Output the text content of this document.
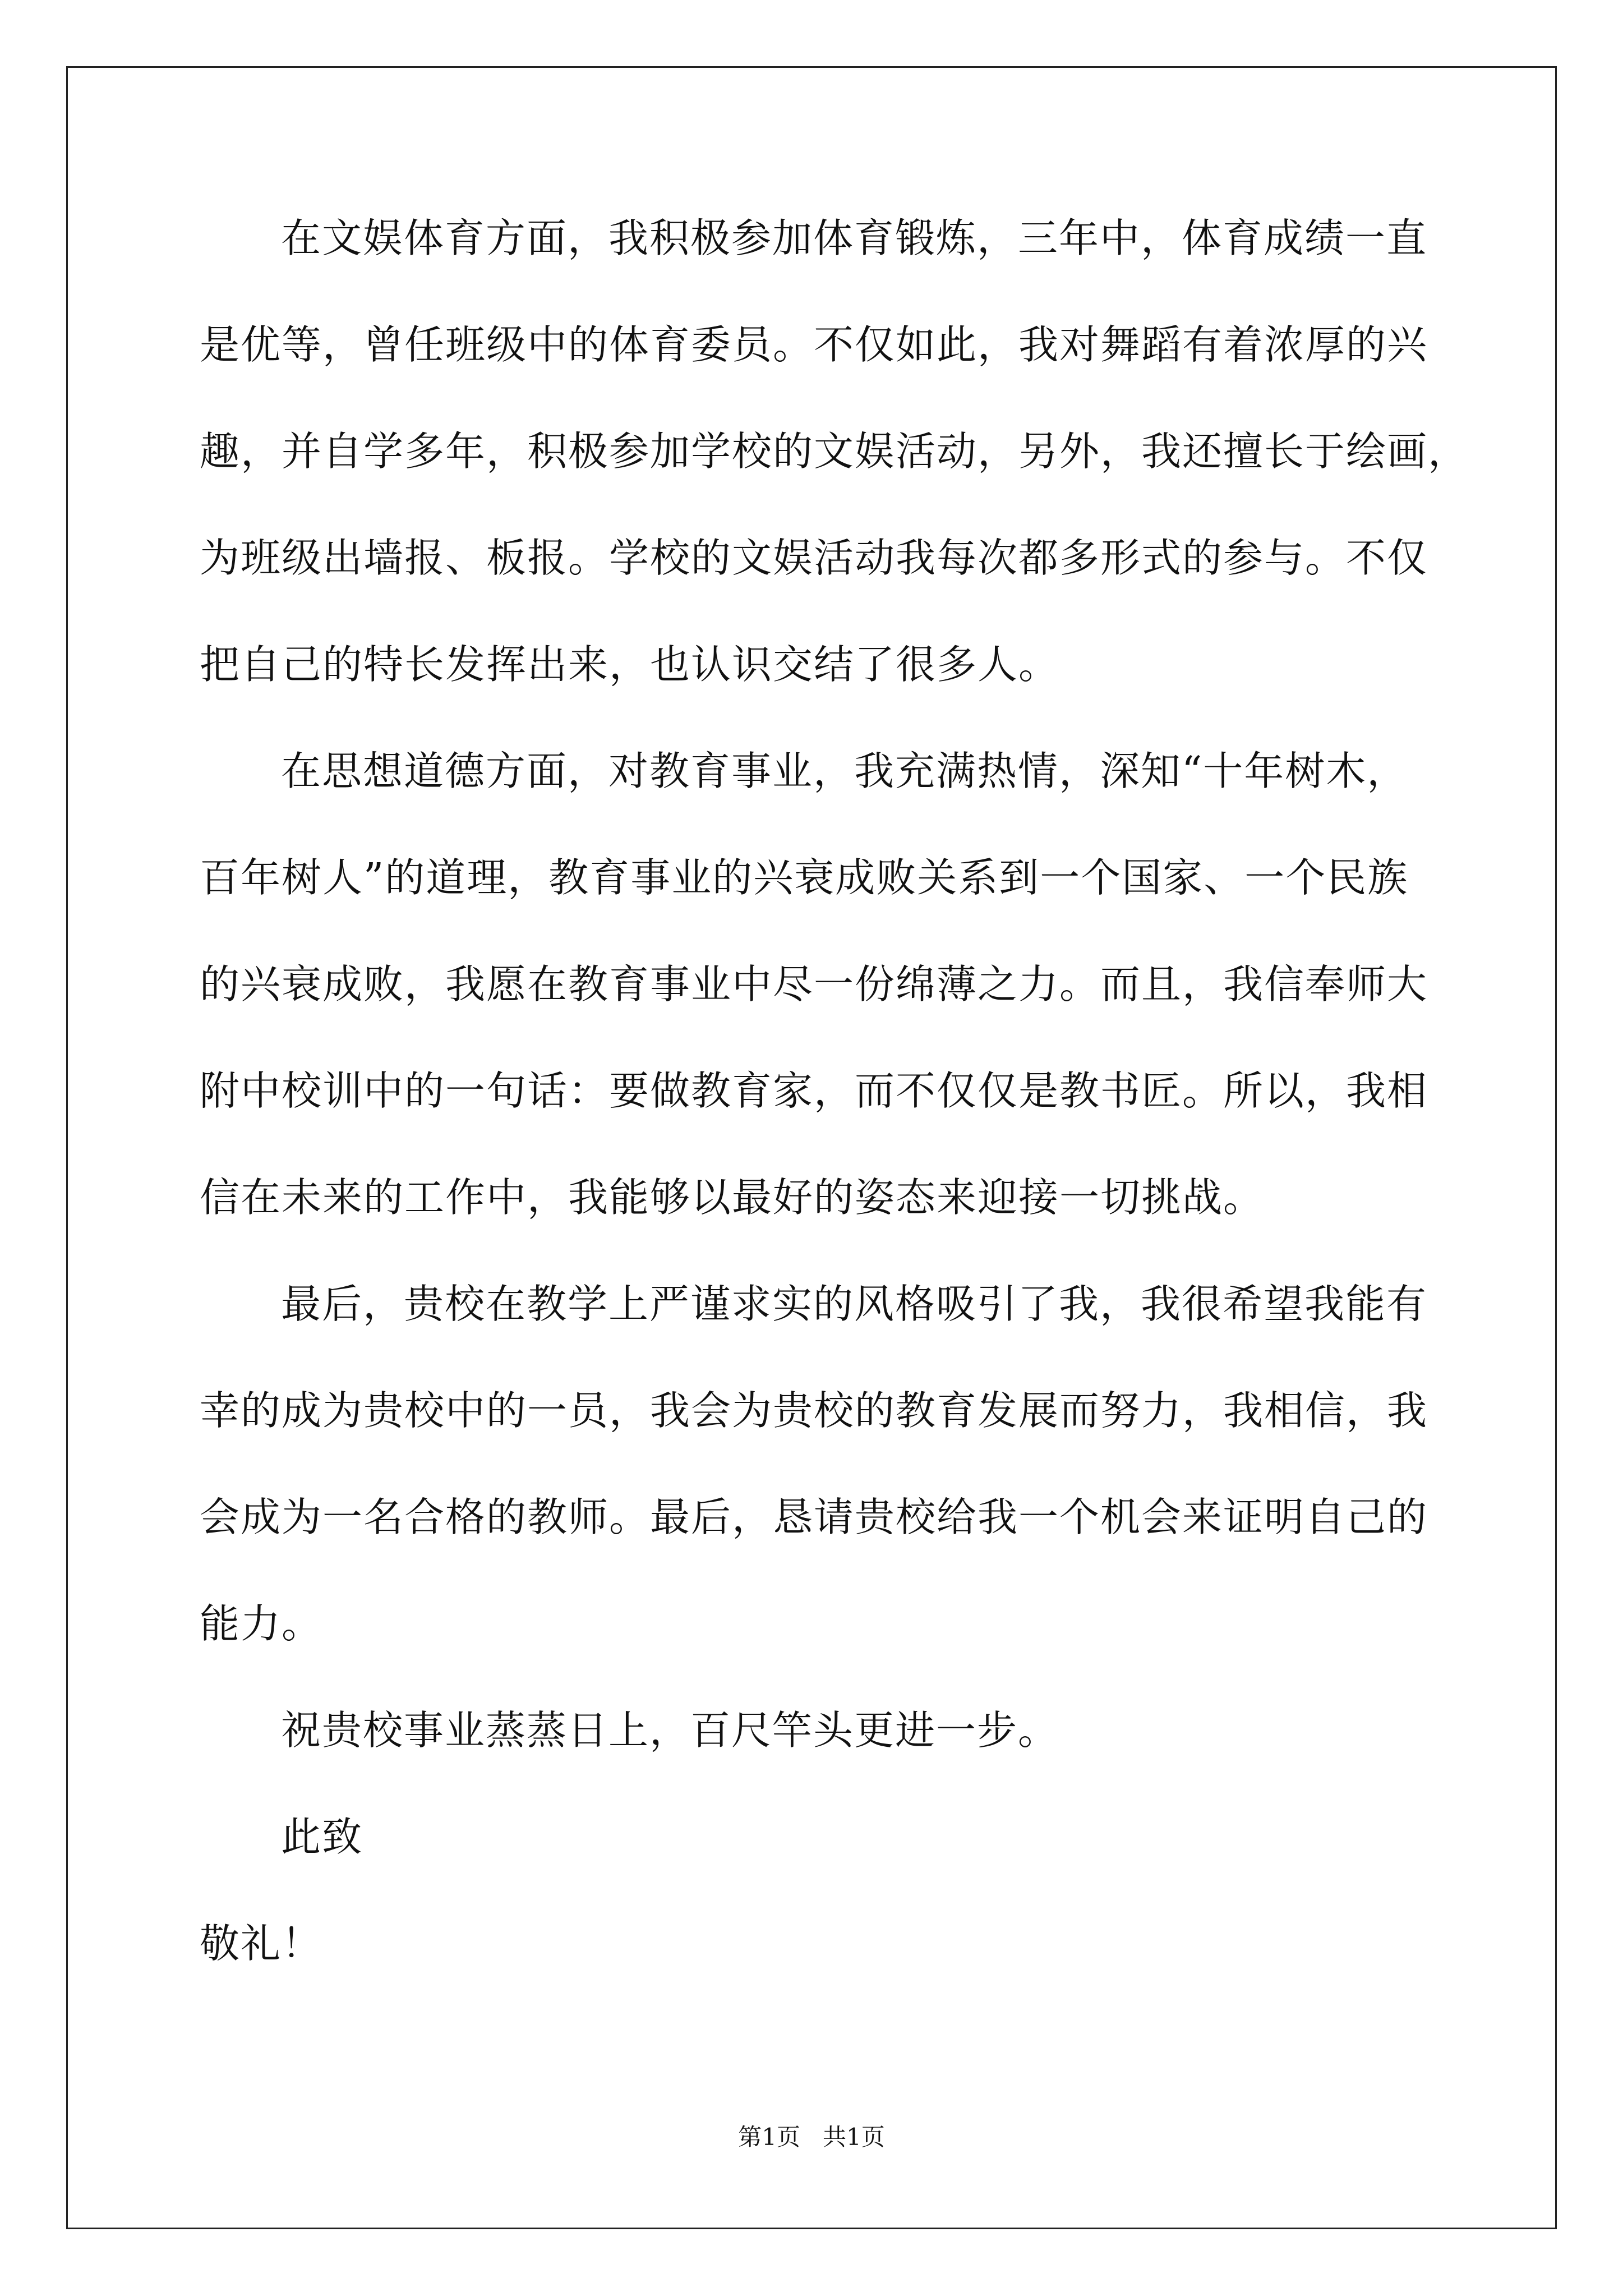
在文娱体育方面，我积极参加体育锻炼，三年中，体育成绩一直
是优等，曾任班级中的体育委员。不仅如此，我对舞蹈有着浓厚的兴
趣，并自学多年，积极参加学校的文娱活动，另外，我还擅长于绘画，
为班级出墙报、板报。学校的文娱活动我每次都多形式的参与。不仅
把自己的特长发挥出来，也认识交结了很多人。
在思想道德方面，对教育事业，我充满热情，深知“十年树木，
百年树人”的道理，教育事业的兴衰成败关系到一个国家、一个民族
的兴衰成败，我愿在教育事业中尽一份绵薄之力。而且，我信奉师大
附中校训中的一句话：要做教育家，而不仅仅是教书匠。所以，我相
信在未来的工作中，我能够以最好的姿态来迎接一切挑战。
最后，贵校在教学上严谨求实的风格吸引了我，我很希望我能有
幸的成为贵校中的一员，我会为贵校的教育发展而努力，我相信，我
会成为一名合格的教师。最后，恳请贵校给我一个机会来证明自己的
能力。
祝贵校事业蒸蒸日上，百尺竿头更进一步。
此致
敬礼！
第1页   共1页
